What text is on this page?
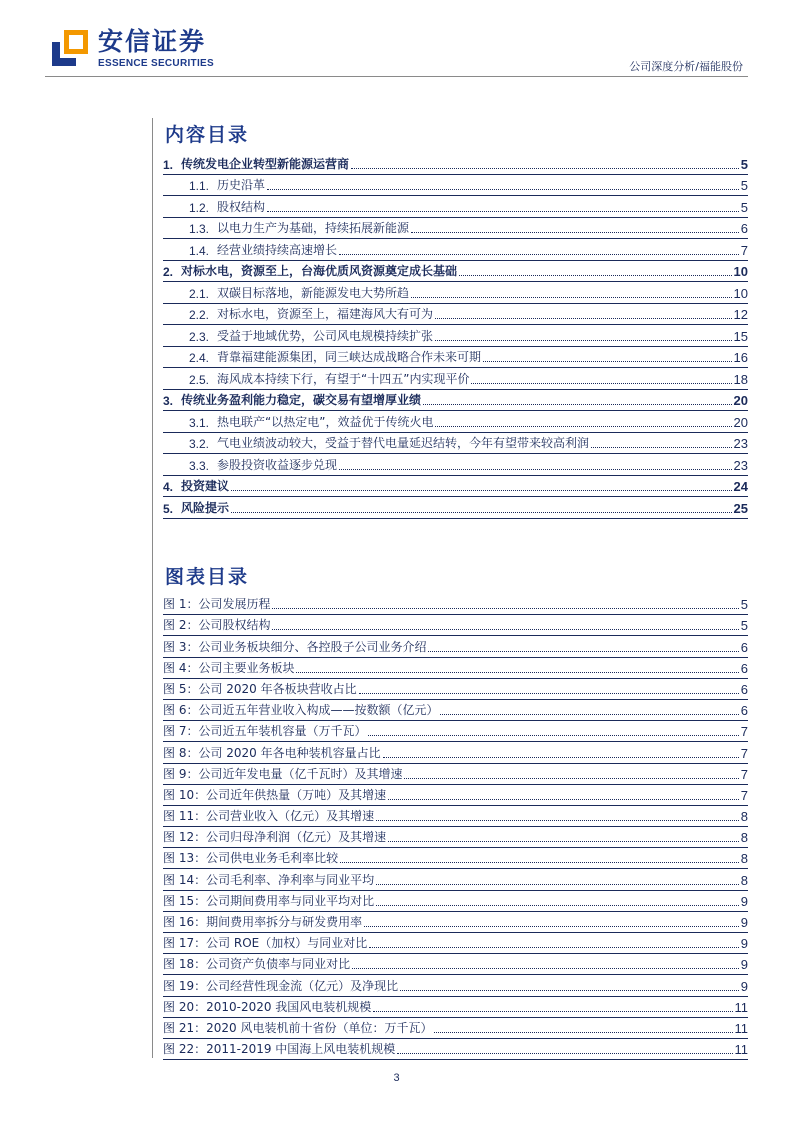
安信证券
ESSENCE SECURITIES	公司深度分析/福能股份
内容目录
1. 传统发电企业转型新能源运营商	5
1.1. 历史沿革	5
1.2. 股权结构	5
1.3. 以电力生产为基础，持续拓展新能源	6
1.4. 经营业绩持续高速增长	7
2. 对标水电，资源至上，台海优质风资源奠定成长基础	10
2.1. 双碳目标落地，新能源发电大势所趋	10
2.2. 对标水电，资源至上，福建海风大有可为	12
2.3. 受益于地域优势，公司风电规模持续扩张	15
2.4. 背靠福建能源集团，同三峡达成战略合作未来可期	16
2.5. 海风成本持续下行，有望于“十四五”内实现平价	18
3. 传统业务盈利能力稳定，碳交易有望增厚业绩	20
3.1. 热电联产“以热定电”，效益优于传统火电	20
3.2. 气电业绩波动较大，受益于替代电量延迟结转，今年有望带来较高利润	23
3.3. 参股投资收益逐步兑现	23
4. 投资建议	24
5. 风险提示	25
图表目录
图 1：公司发展历程	5
图 2：公司股权结构	5
图 3：公司业务板块细分、各控股子公司业务介绍	6
图 4：公司主要业务板块	6
图 5：公司 2020 年各板块营收占比	6
图 6：公司近五年营业收入构成——按数额（亿元）	6
图 7：公司近五年装机容量（万千瓦）	7
图 8：公司 2020 年各电种装机容量占比	7
图 9：公司近年发电量（亿千瓦时）及其增速	7
图 10：公司近年供热量（万吨）及其增速	7
图 11：公司营业收入（亿元）及其增速	8
图 12：公司归母净利润（亿元）及其增速	8
图 13：公司供电业务毛利率比较	8
图 14：公司毛利率、净利率与同业平均	8
图 15：公司期间费用率与同业平均对比	9
图 16：期间费用率拆分与研发费用率	9
图 17：公司 ROE（加权）与同业对比	9
图 18：公司资产负债率与同业对比	9
图 19：公司经营性现金流（亿元）及净现比	9
图 20：2010-2020 我国风电装机规模	11
图 21：2020 风电装机前十省份（单位：万千瓦）	11
图 22：2011-2019 中国海上风电装机规模	11
3
